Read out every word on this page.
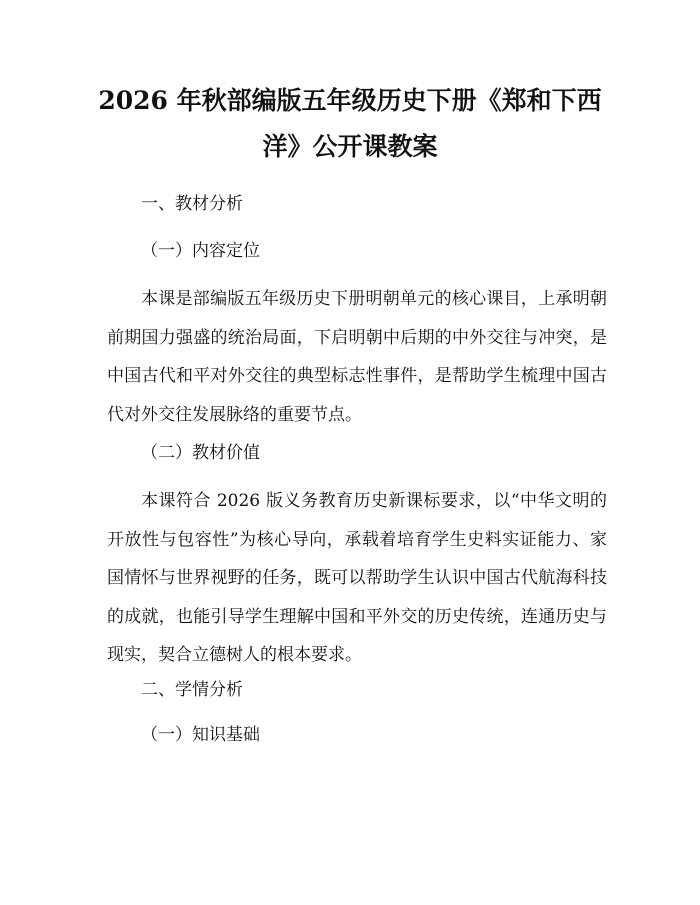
2026 年秋部编版五年级历史下册《郑和下西
洋》公开课教案

一、教材分析

（一）内容定位

本课是部编版五年级历史下册明朝单元的核心课目，上承明朝前期国力强盛的统治局面，下启明朝中后期的中外交往与冲突，是中国古代和平对外交往的典型标志性事件，是帮助学生梳理中国古代对外交往发展脉络的重要节点。

（二）教材价值

本课符合 2026 版义务教育历史新课标要求，以“中华文明的开放性与包容性”为核心导向，承载着培育学生史料实证能力、家国情怀与世界视野的任务，既可以帮助学生认识中国古代航海科技的成就，也能引导学生理解中国和平外交的历史传统，连通历史与现实，契合立德树人的根本要求。

二、学情分析

（一）知识基础
